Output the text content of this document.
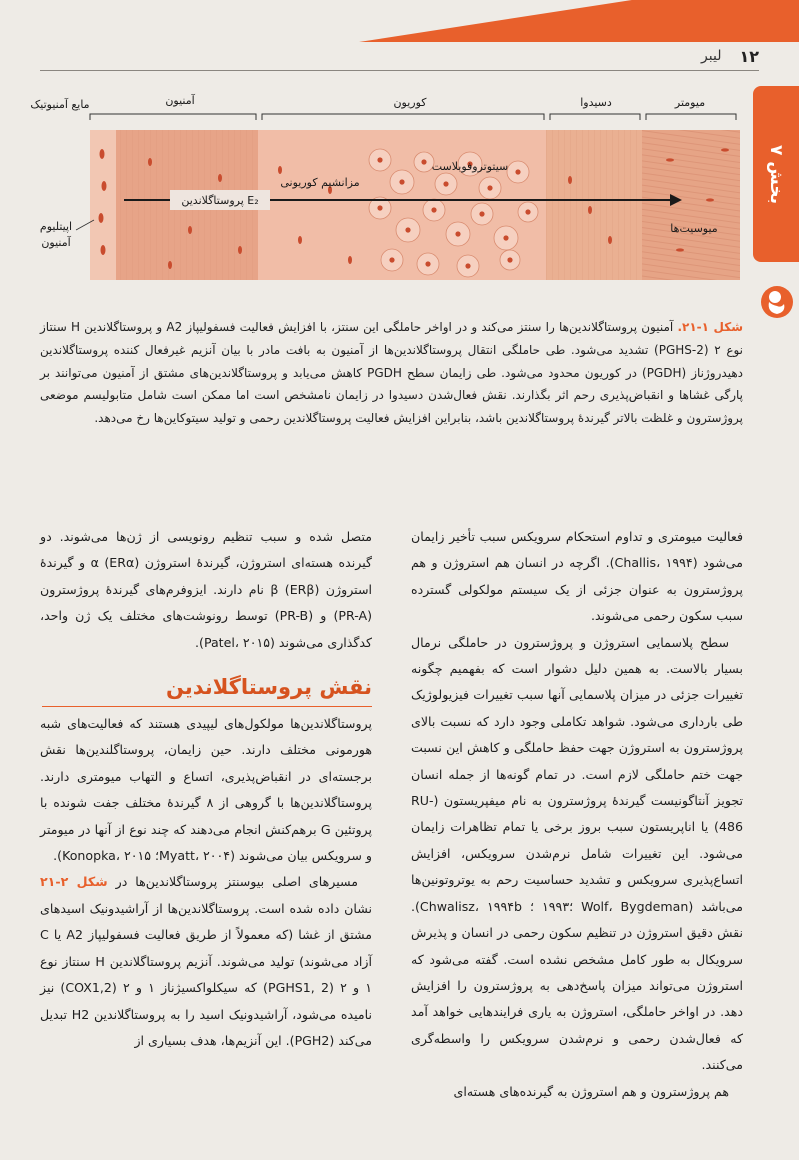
۱۲
لیبر
بخش ۷
مایع آمنیوتیک	آمنیون	کوریون	دسیدوا	میومتر
اپیتلیوم
آمنیون
مزانشیم کوریونی
سیتوتروفوبلاست
پروستاگلاندین E₂
میوسیت‌ها

شکل ۱-۲۱. آمنیون پروستاگلاندین‌ها را سنتز می‌کند و در اواخر حاملگی این سنتز، با افزایش فعالیت فسفولیپاز A2 و پروستاگلاندین H سنتاز نوع ۲ (PGHS-2) تشدید می‌شود. طی حاملگی انتقال پروستاگلاندین‌ها از آمنیون به بافت مادر با بیان آنزیم غیرفعال کننده پروستاگلاندین دهیدروژناز (PGDH) در کوریون محدود می‌شود. طی زایمان سطح PGDH کاهش می‌یابد و پروستاگلاندین‌های مشتق از آمنیون می‌توانند بر پارگی غشاها و انقباض‌پذیری رحم اثر بگذارند. نقش فعال‌شدن دسیدوا در زایمان نامشخص است اما ممکن است شامل متابولیسم موضعی پروژسترون و غلظت بالاتر گیرندهٔ پروستاگلاندین باشد، بنابراین افزایش فعالیت پروستاگلاندین رحمی و تولید سیتوکاین‌ها رخ می‌دهد.

فعالیت میومتری و تداوم استحکام سرویکس سبب تأخیر زایمان می‌شود (Challis، ۱۹۹۴). اگرچه در انسان هم استروژن و هم پروژسترون به عنوان جزئی از یک سیستم مولکولی گسترده سبب سکون رحمی می‌شوند.

سطح پلاسمایی استروژن و پروژسترون در حاملگی نرمال بسیار بالاست. به همین دلیل دشوار است که بفهمیم چگونه تغییرات جزئی در میزان پلاسمایی آنها سبب تغییرات فیزیولوژیک طی بارداری می‌شود. شواهد تکاملی وجود دارد که نسبت بالای پروژسترون به استروژن جهت حفظ حاملگی و کاهش این نسبت جهت ختم حاملگی لازم است. در تمام گونه‌ها از جمله انسان تجویز آنتاگونیست گیرندهٔ پروژسترون به نام میفپریستون (RU-486) یا اناپریستون سبب بروز برخی یا تمام تظاهرات زایمان می‌شود. این تغییرات شامل نرم‌شدن سرویکس، افزایش اتساع‌پذیری سرویکس و تشدید حساسیت رحم به یوتروتونین‌ها می‌باشد (Wolf، Bygdeman ؛۱۹۹۳ ؛ Chwalisz، ۱۹۹۴b). نقش دقیق استروژن در تنظیم سکون رحمی در انسان و پذیرش سرویکال به طور کامل مشخص نشده است. گفته می‌شود که استروژن می‌تواند میزان پاسخ‌دهی به پروژسترون را افزایش دهد. در اواخر حاملگی، استروژن به یاری فرایندهایی خواهد آمد که فعال‌شدن رحمی و نرم‌شدن سرویکس را واسطه‌گری می‌کنند.

هم پروژسترون و هم استروژن به گیرنده‌های هسته‌ای

متصل شده و سبب تنظیم رونویسی از ژن‌ها می‌شوند. دو گیرنده هسته‌ای استروژن، گیرندهٔ استروژن α (ERα) و گیرندهٔ استروژن β (ERβ) نام دارند. ایزوفرم‌های گیرندهٔ پروژسترون (PR-A) و (PR-B) توسط رونوشت‌های مختلف یک ژن واحد، کدگذاری می‌شوند (Patel، ۲۰۱۵).

نقش پروستاگلاندین

پروستاگلاندین‌ها مولکول‌های لیپیدی هستند که فعالیت‌های شبه هورمونی مختلف دارند. حین زایمان، پروستاگلندین‌ها نقش برجسته‌ای در انقباض‌پذیری، اتساع و التهاب میومتری دارند. پروستاگلاندین‌ها با گروهی از ۸ گیرندهٔ مختلف جفت شونده با پروتئین G برهم‌کنش انجام می‌دهند که چند نوع از آنها در میومتر و سرویکس بیان می‌شوند (Myatt، ۲۰۰۴؛ Konopka، ۲۰۱۵).

مسیرهای اصلی بیوسنتز پروستاگلاندین‌ها در شکل ۲-۲۱ نشان داده شده است. پروستاگلاندین‌ها از آراشیدونیک اسیدهای مشتق از غشا (که معمولاً از طریق فعالیت فسفولیپاز A2 یا C آزاد می‌شوند) تولید می‌شوند. آنزیم پروستاگلاندین H سنتاز نوع ۱ و ۲ (PGHS1, 2) که سیکلواکسیژناز ۱ و ۲ (COX1,2) نیز نامیده می‌شود، آراشیدونیک اسید را به پروستاگلاندین H2 تبدیل می‌کند (PGH2). این آنزیم‌ها، هدف بسیاری از
